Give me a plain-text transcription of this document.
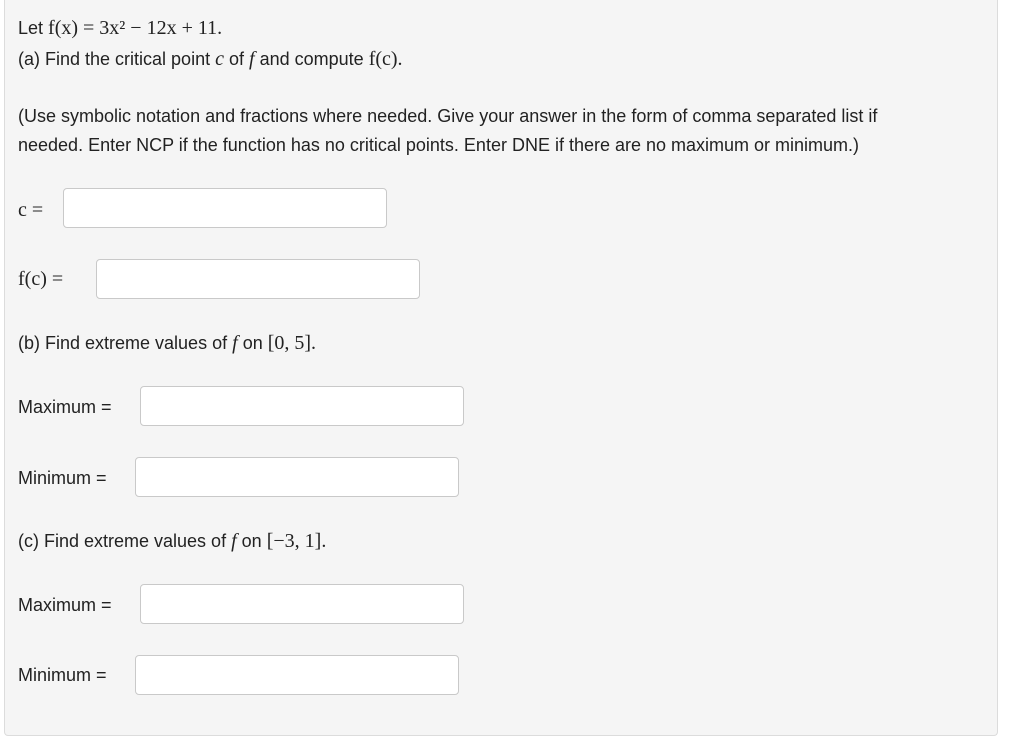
Let f(x) = 3x² − 12x + 11.
(a) Find the critical point c of f and compute f(c).
(Use symbolic notation and fractions where needed. Give your answer in the form of comma separated list if
needed. Enter NCP if the function has no critical points. Enter DNE if there are no maximum or minimum.)
c =
f(c) =
(b) Find extreme values of f on [0, 5].
Maximum =
Minimum =
(c) Find extreme values of f on [−3, 1].
Maximum =
Minimum =
